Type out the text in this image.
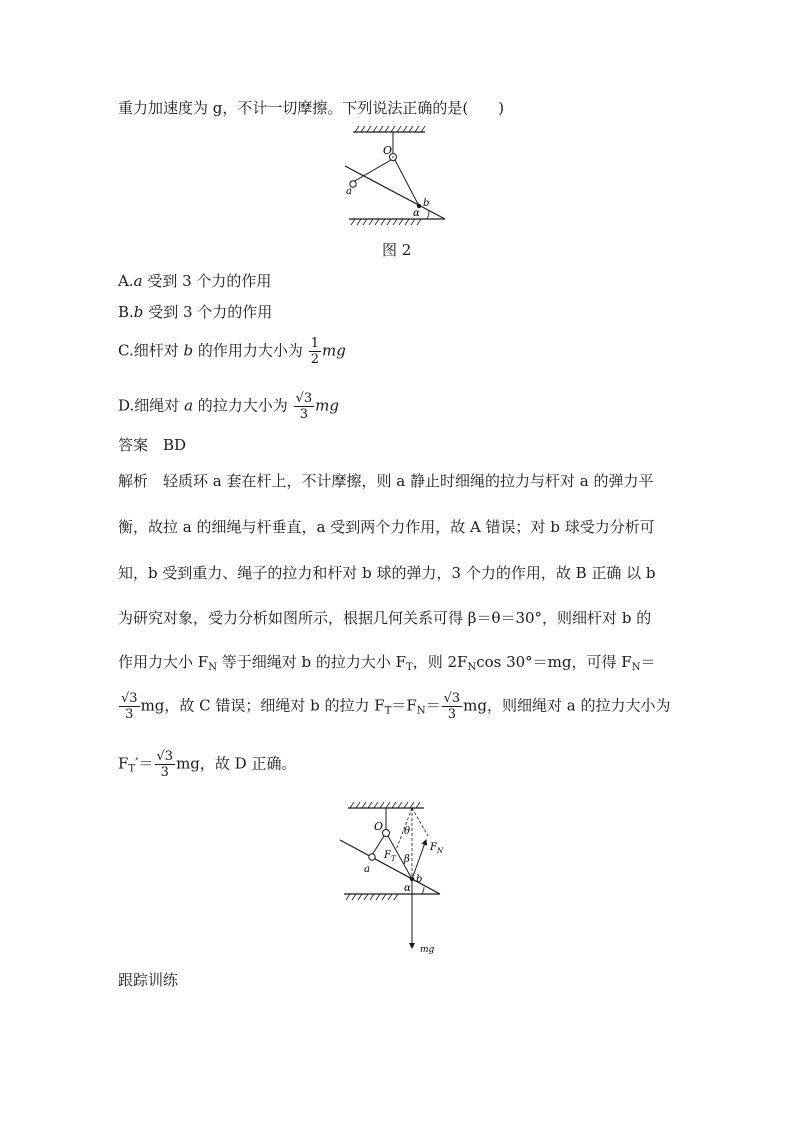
重力加速度为 g，不计一切摩擦。下列说法正确的是(　　)
O
a
b
α
图 2
A.a 受到 3 个力的作用
B.b 受到 3 个力的作用
C.细杆对 b 的作用力大小为 $\frac{1}{2}$ mg
D.细绳对 a 的拉力大小为 $\frac{√3}{3}$ mg
答案　 BD
解析　 轻质环 a 套在杆上，不计摩擦，则 a 静止时细绳的拉力与杆对 a 的弹力平
衡，故拉 a 的细绳与杆垂直，a 受到两个力作用，故 A 错误；对 b 球受力分析可
知，b 受到重力、绳子的拉力和杆对 b 球的弹力，3 个力的作用，故 B 正确 以 b
为研究对象，受力分析如图所示，根据几何关系可得 β＝θ＝30°，则细杆对 b 的
作用力大小 $F_N$ 等于细绳对 b 的拉力大小 $F_T$，则 $2F_N\cos$ 30°＝mg，可得 $F_N=$
$\frac{√3}{3}$ mg，故 C 错误；细绳对 b 的拉力 $F_T=F_N= \frac{√3}{3}$ mg，则细绳对 a 的拉力大小为
$F_T'= \frac{√3}{3}$ mg，故 D 正确。
O
a
b
α
θ
β
$F_N$
$F_T$
mg
跟踪训练
